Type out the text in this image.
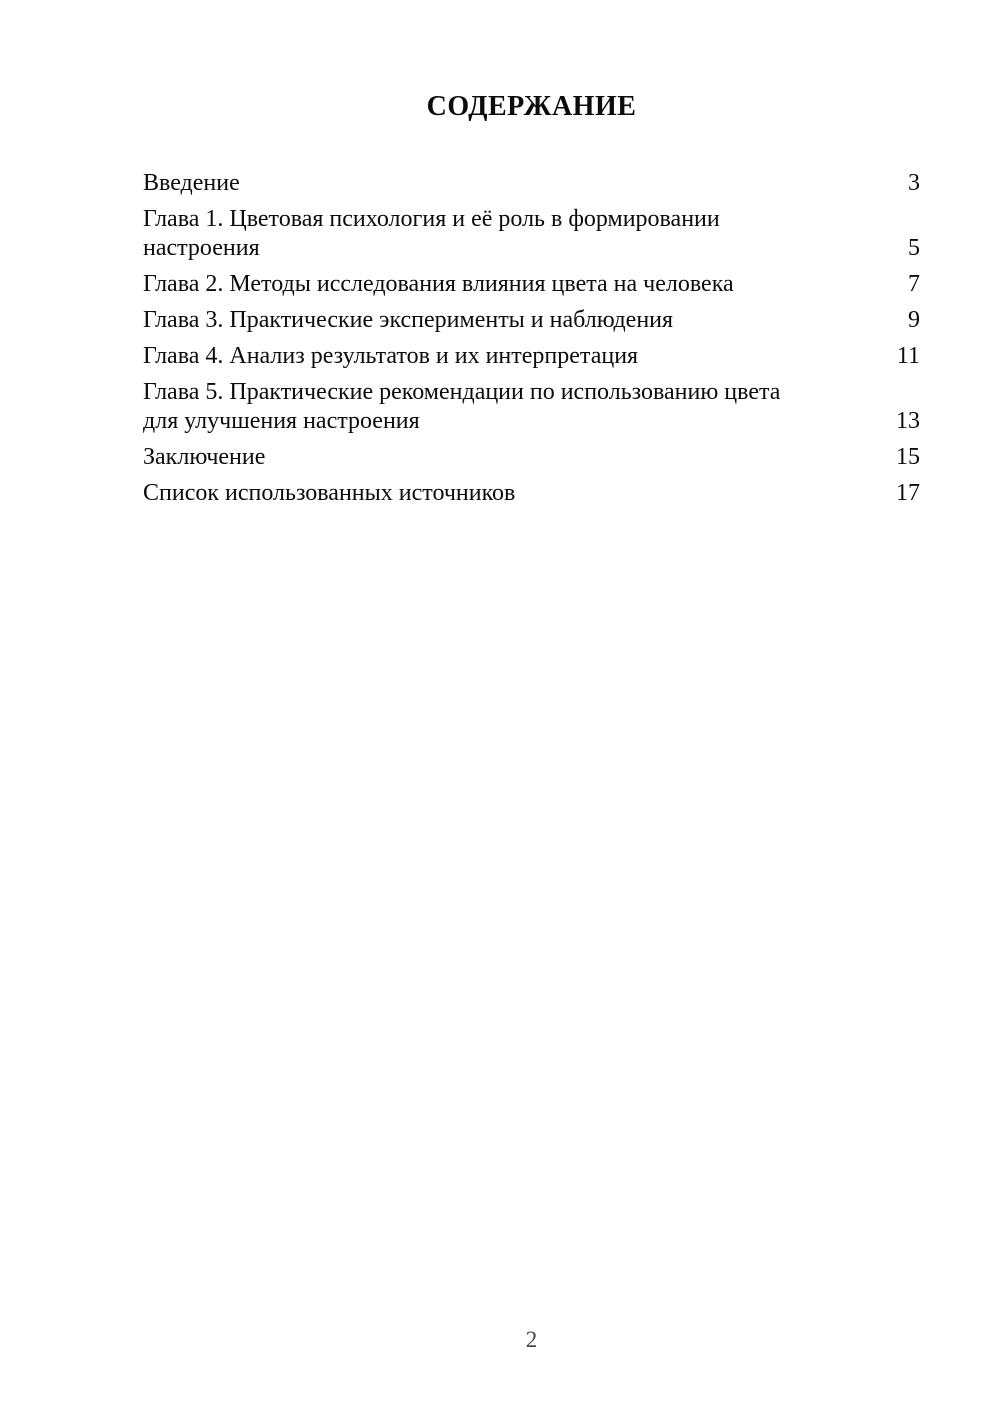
СОДЕРЖАНИЕ
Введение	3
Глава 1. Цветовая психология и её роль в формировании
настроения	5
Глава 2. Методы исследования влияния цвета на человека	7
Глава 3. Практические эксперименты и наблюдения	9
Глава 4. Анализ результатов и их интерпретация	11
Глава 5. Практические рекомендации по использованию цвета
для улучшения настроения	13
Заключение	15
Список использованных источников	17
2
